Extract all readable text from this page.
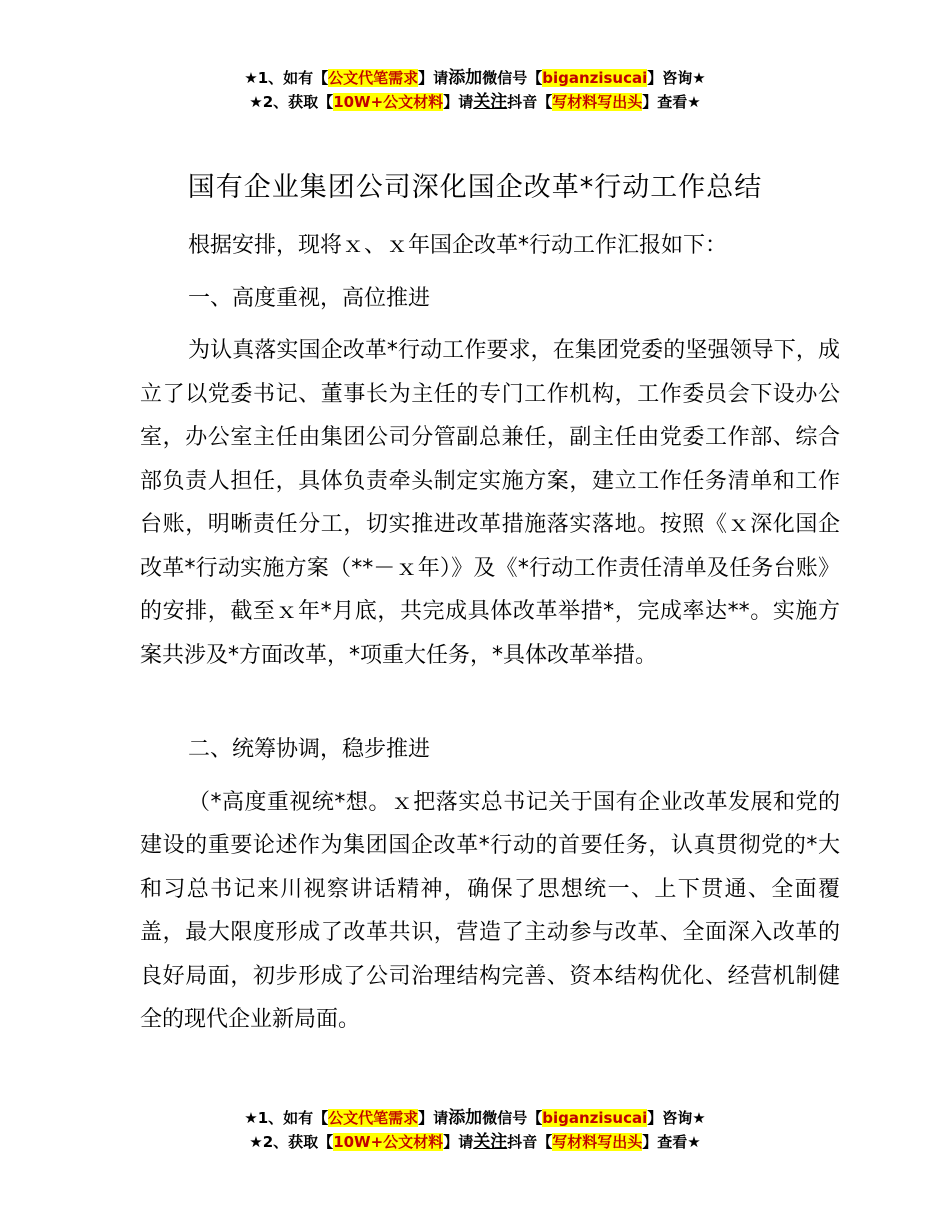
★1、如有【公文代笔需求】请添加微信号【biganzisucai】咨询★
★2、获取【10W+公文材料】请关注抖音【写材料写出头】查看★
国有企业集团公司深化国企改革*行动工作总结

根据安排，现将ｘ、ｘ年国企改革*行动工作汇报如下：

一、高度重视，高位推进

为认真落实国企改革*行动工作要求，在集团党委的坚强领导下，成立了以党委书记、董事长为主任的专门工作机构，工作委员会下设办公室，办公室主任由集团公司分管副总兼任，副主任由党委工作部、综合部负责人担任，具体负责牵头制定实施方案，建立工作任务清单和工作台账，明晰责任分工，切实推进改革措施落实落地。按照《ｘ深化国企改革*行动实施方案（**－ｘ年）》及《*行动工作责任清单及任务台账》的安排，截至ｘ年*月底，共完成具体改革举措*，完成率达**。实施方案共涉及*方面改革，*项重大任务，*具体改革举措。

二、统筹协调，稳步推进

（*高度重视统*想。ｘ把落实总书记关于国有企业改革发展和党的建设的重要论述作为集团国企改革*行动的首要任务，认真贯彻党的*大和习总书记来川视察讲话精神，确保了思想统一、上下贯通、全面覆盖，最大限度形成了改革共识，营造了主动参与改革、全面深入改革的良好局面，初步形成了公司治理结构完善、资本结构优化、经营机制健全的现代企业新局面。

★1、如有【公文代笔需求】请添加微信号【biganzisucai】咨询★
★2、获取【10W+公文材料】请关注抖音【写材料写出头】查看★
